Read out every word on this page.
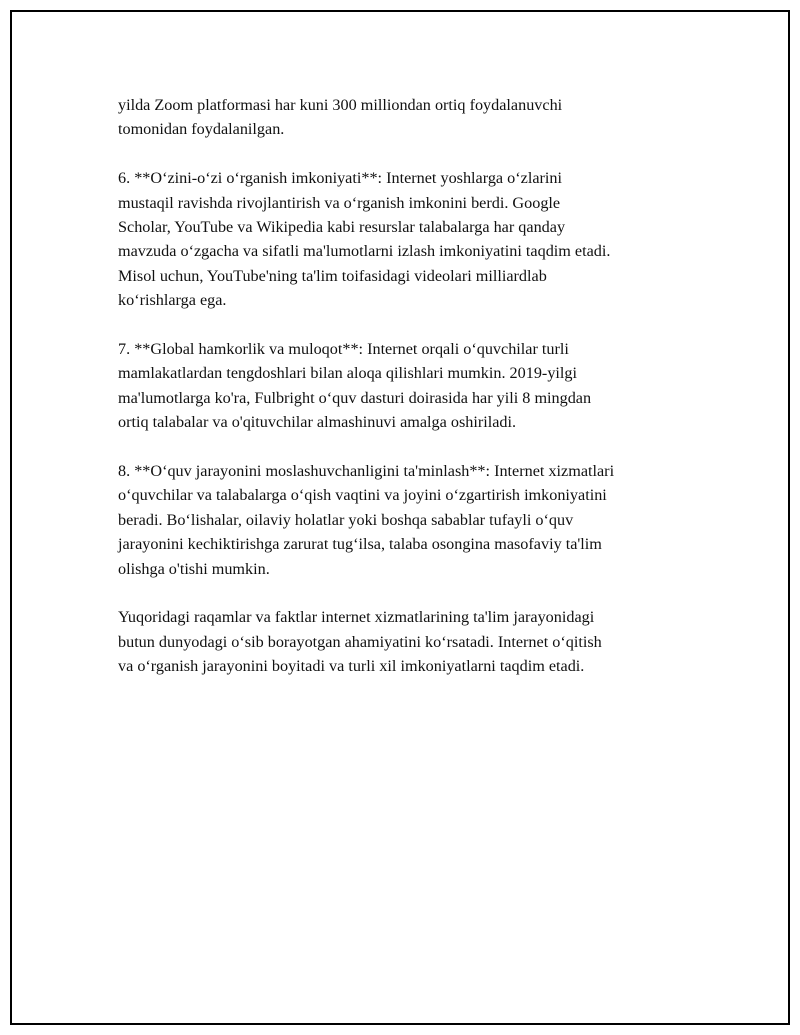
yilda Zoom platformasi har kuni 300 milliondan ortiq foydalanuvchi
tomonidan foydalanilgan.

6. **O‘zini-o‘zi o‘rganish imkoniyati**: Internet yoshlarga o‘zlarini
mustaqil ravishda rivojlantirish va o‘rganish imkonini berdi. Google
Scholar, YouTube va Wikipedia kabi resurslar talabalarga har qanday
mavzuda o‘zgacha va sifatli ma'lumotlarni izlash imkoniyatini taqdim etadi.
Misol uchun, YouTube'ning ta'lim toifasidagi videolari milliardlab
ko‘rishlarga ega.

7. **Global hamkorlik va muloqot**: Internet orqali o‘quvchilar turli
mamlakatlardan tengdoshlari bilan aloqa qilishlari mumkin. 2019-yilgi
ma'lumotlarga ko'ra, Fulbright o‘quv dasturi doirasida har yili 8 mingdan
ortiq talabalar va o'qituvchilar almashinuvi amalga oshiriladi.

8. **O‘quv jarayonini moslashuvchanligini ta'minlash**: Internet xizmatlari
o‘quvchilar va talabalarga o‘qish vaqtini va joyini o‘zgartirish imkoniyatini
beradi. Bo‘lishalar, oilaviy holatlar yoki boshqa sabablar tufayli o‘quv
jarayonini kechiktirishga zarurat tug‘ilsa, talaba osongina masofaviy ta'lim
olishga o'tishi mumkin.

Yuqoridagi raqamlar va faktlar internet xizmatlarining ta'lim jarayonidagi
butun dunyodagi o‘sib borayotgan ahamiyatini ko‘rsatadi. Internet o‘qitish
va o‘rganish jarayonini boyitadi va turli xil imkoniyatlarni taqdim etadi.
